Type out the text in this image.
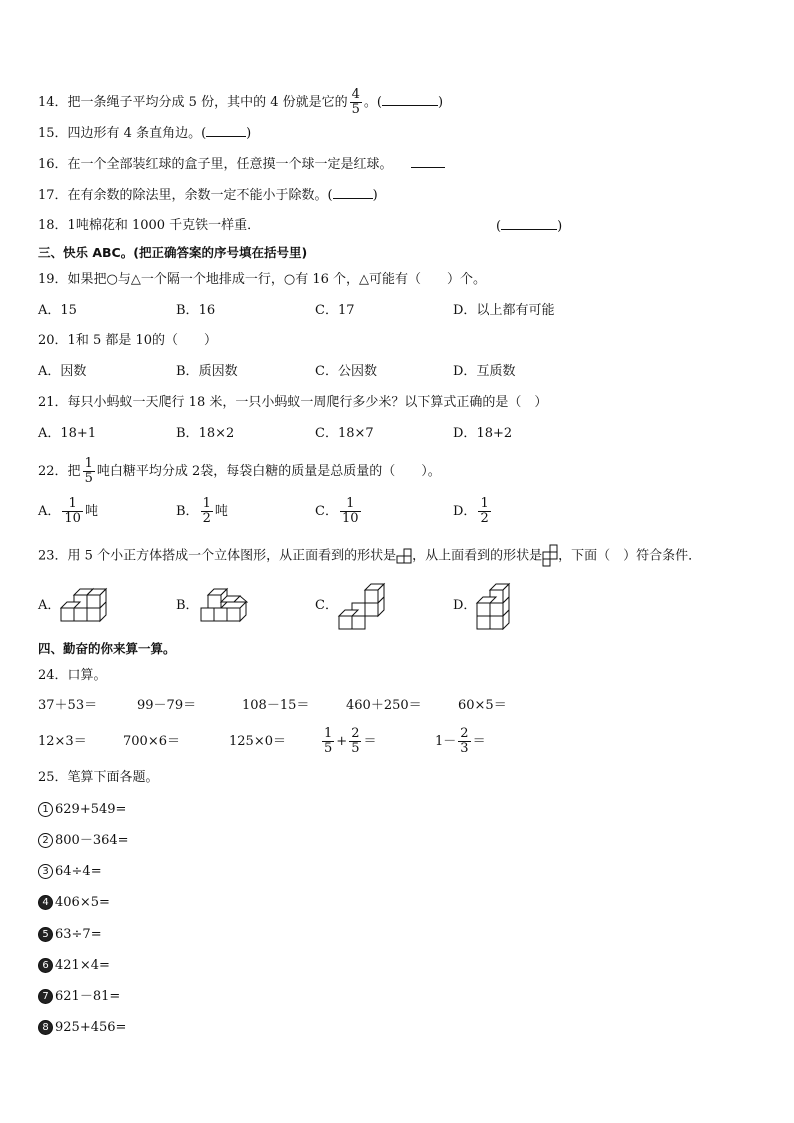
14．把一条绳子平均分成 5 份，其中的 4 份就是它的 $\frac{4}{5}$ 。(	)
15．四边形有 4 条直角边。(	)
16．在一个全部装红球的盒子里，任意摸一个球一定是红球。
17．在有余数的除法里，余数一定不能小于除数。(	)
18．1吨棉花和 1000 千克铁一样重．	(	)
三、快乐 ABC。(把正确答案的序号填在括号里)
19．如果把○与△一个隔一个地排成一行，○有 16 个，△可能有（　　）个。
A．15	B．16	C．17	D．以上都有可能
20．1和 5 都是 10的（　　）
A．因数	B．质因数	C．公因数	D．互质数
21．每只小蚂蚁一天爬行 18 米，一只小蚂蚁一周爬行多少米？以下算式正确的是（　）
A．18+1	B．18×2	C．18×7	D．18+2
22．把 $\frac{1}{5}$ 吨白糖平均分成 2袋，每袋白糖的质量是总质量的（　　）。
A． $\frac{1}{10}$ 吨	B． $\frac{1}{2}$ 吨	C． $\frac{1}{10}$	D． $\frac{1}{2}$
23．用 5 个小正方体搭成一个立体图形，从正面看到的形状是 ，从上面看到的形状是 ，下面（　）符合条件．
A．	B．	C．	D．
四、勤奋的你来算一算。
24．口算。
37＋53＝	99－79＝	108－15＝	460＋250＝	60×5＝
12×3＝	700×6＝	125×0＝	$\frac{1}{5} + \frac{2}{5}$ ＝	$1- \frac{2}{3}$ ＝
25．笔算下面各题。
1 629+549=
2 800－364=
3 64÷4=
4 406×5=
5 63÷7=
6 421×4=
7 621－81=
8 925+456=
